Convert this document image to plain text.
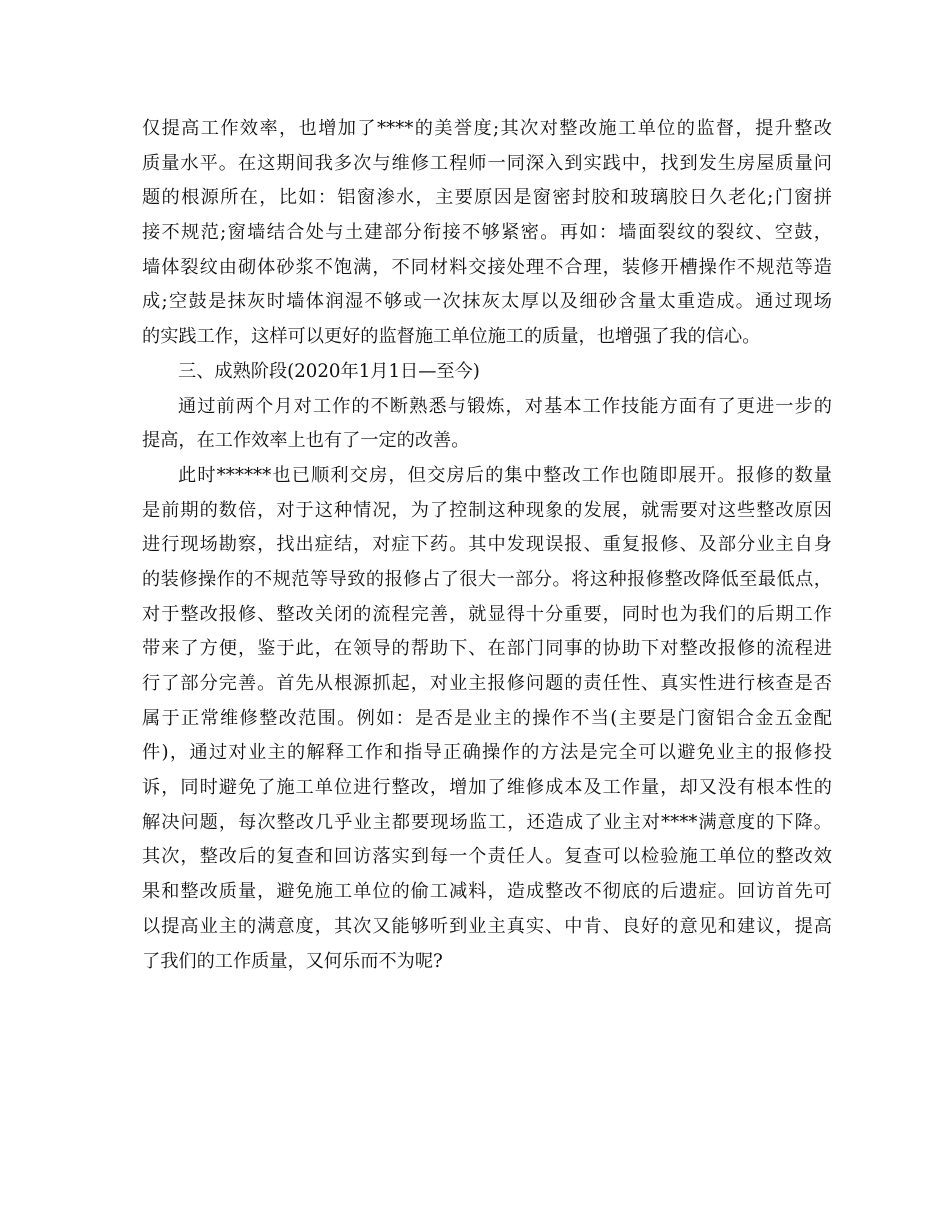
仅提高工作效率，也增加了****的美誉度;其次对整改施工单位的监督，提升整改
质量水平。在这期间我多次与维修工程师一同深入到实践中，找到发生房屋质量问
题的根源所在，比如：铝窗渗水，主要原因是窗密封胶和玻璃胶日久老化;门窗拼
接不规范;窗墙结合处与土建部分衔接不够紧密。再如：墙面裂纹的裂纹、空鼓，
墙体裂纹由砌体砂浆不饱满，不同材料交接处理不合理，装修开槽操作不规范等造
成;空鼓是抹灰时墙体润湿不够或一次抹灰太厚以及细砂含量太重造成。通过现场
的实践工作，这样可以更好的监督施工单位施工的质量，也增强了我的信心。
三、成熟阶段(2020年1月1日—至今)
通过前两个月对工作的不断熟悉与锻炼，对基本工作技能方面有了更进一步的
提高，在工作效率上也有了一定的改善。
此时******也已顺利交房，但交房后的集中整改工作也随即展开。报修的数量
是前期的数倍，对于这种情况，为了控制这种现象的发展，就需要对这些整改原因
进行现场勘察，找出症结，对症下药。其中发现误报、重复报修、及部分业主自身
的装修操作的不规范等导致的报修占了很大一部分。将这种报修整改降低至最低点，
对于整改报修、整改关闭的流程完善，就显得十分重要，同时也为我们的后期工作
带来了方便，鉴于此，在领导的帮助下、在部门同事的协助下对整改报修的流程进
行了部分完善。首先从根源抓起，对业主报修问题的责任性、真实性进行核查是否
属于正常维修整改范围。例如：是否是业主的操作不当(主要是门窗铝合金五金配
件)，通过对业主的解释工作和指导正确操作的方法是完全可以避免业主的报修投
诉，同时避免了施工单位进行整改，增加了维修成本及工作量，却又没有根本性的
解决问题，每次整改几乎业主都要现场监工，还造成了业主对****满意度的下降。
其次，整改后的复查和回访落实到每一个责任人。复查可以检验施工单位的整改效
果和整改质量，避免施工单位的偷工减料，造成整改不彻底的后遗症。回访首先可
以提高业主的满意度，其次又能够听到业主真实、中肯、良好的意见和建议，提高
了我们的工作质量，又何乐而不为呢?
